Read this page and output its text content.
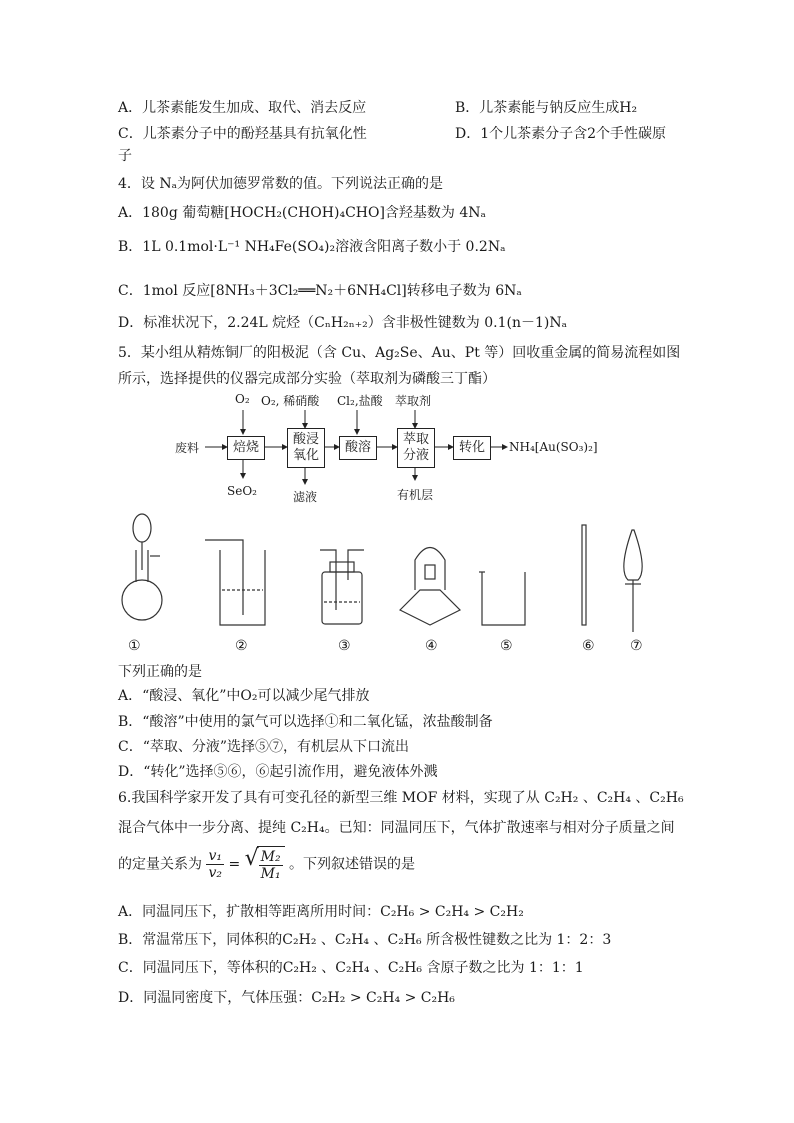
A．儿茶素能发生加成、取代、消去反应	B．儿茶素能与钠反应生成H₂
C．儿茶素分子中的酚羟基具有抗氧化性	D．1个儿茶素分子含2个手性碳原
子
4．设 Nₐ为阿伏加德罗常数的值。下列说法正确的是
A．180g 葡萄糖[HOCH₂(CHOH)₄CHO]含羟基数为 4Nₐ
B．1L 0.1mol·L⁻¹ NH₄Fe(SO₄)₂溶液含阳离子数小于 0.2Nₐ
C．1mol 反应[8NH₃＋3Cl₂══N₂＋6NH₄Cl]转移电子数为 6Nₐ
D．标准状况下，2.24L 烷烃（CₙH₂ₙ₊₂）含非极性键数为 0.1(n－1)Nₐ
5．某小组从精炼铜厂的阳极泥（含 Cu、Ag₂Se、Au、Pt 等）回收重金属的简易流程如图
所示，选择提供的仪器完成部分实验（萃取剂为磷酸三丁酯）
O₂ O₂, 稀硝酸 Cl₂,盐酸 萃取剂
废料	焙烧
酸浸
氧化
酸溶
萃取
分液
转化	NH₄[Au(SO₃)₂]
SeO₂	滤液	有机层
①	②	③	④	⑤	⑥	⑦
下列正确的是
A．“酸浸、氧化”中O₂可以减少尾气排放
B．“酸溶”中使用的氯气可以选择①和二氧化锰，浓盐酸制备
C．“萃取、分液”选择⑤⑦，有机层从下口流出
D．“转化”选择⑤⑥，⑥起引流作用，避免液体外溅
6.我国科学家开发了具有可变孔径的新型三维 MOF 材料，实现了从 C₂H₂ 、C₂H₄ 、C₂H₆
混合气体中一步分离、提纯 C₂H₄。已知：同温同压下，气体扩散速率与相对分子质量之间
的定量关系为 $\frac{\text{v₁}}{\text{v₂}}$ =
√ $\frac{\text{M₂}}{\text{M₁}}$ 。下列叙述错误的是
A．同温同压下，扩散相等距离所用时间：C₂H₆ > C₂H₄ > C₂H₂
B．常温常压下，同体积的C₂H₂ 、C₂H₄ 、C₂H₆ 所含极性键数之比为 1：2：3
C．同温同压下，等体积的C₂H₂ 、C₂H₄ 、C₂H₆ 含原子数之比为 1：1：1
D．同温同密度下，气体压强：C₂H₂ > C₂H₄ > C₂H₆
